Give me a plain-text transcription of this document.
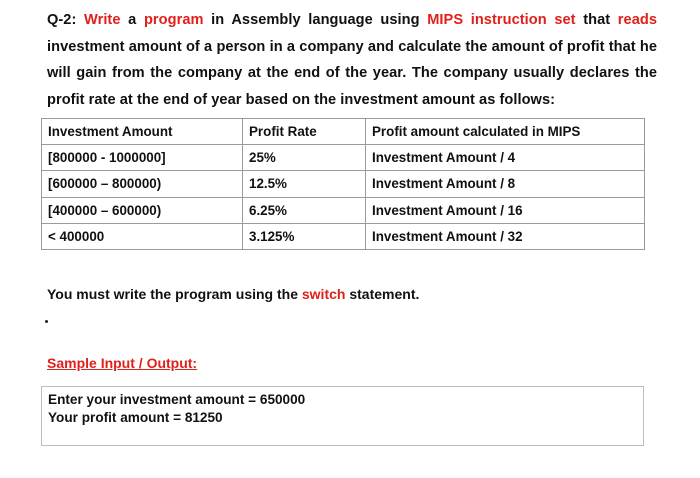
Q-2: Write a program in Assembly language using MIPS instruction set that reads investment amount of a person in a company and calculate the amount of profit that he will gain from the company at the end of the year. The company usually declares the profit rate at the end of year based on the investment amount as follows:
Investment Amount	Profit Rate	Profit amount calculated in MIPS
[800000 - 1000000]	25%	Investment Amount / 4
[600000 – 800000)	12.5%	Investment Amount / 8
[400000 – 600000)	6.25%	Investment Amount / 16
< 400000	3.125%	Investment Amount / 32
You must write the program using the switch statement.
Sample Input / Output:
Enter your investment amount = 650000
Your profit amount = 81250
